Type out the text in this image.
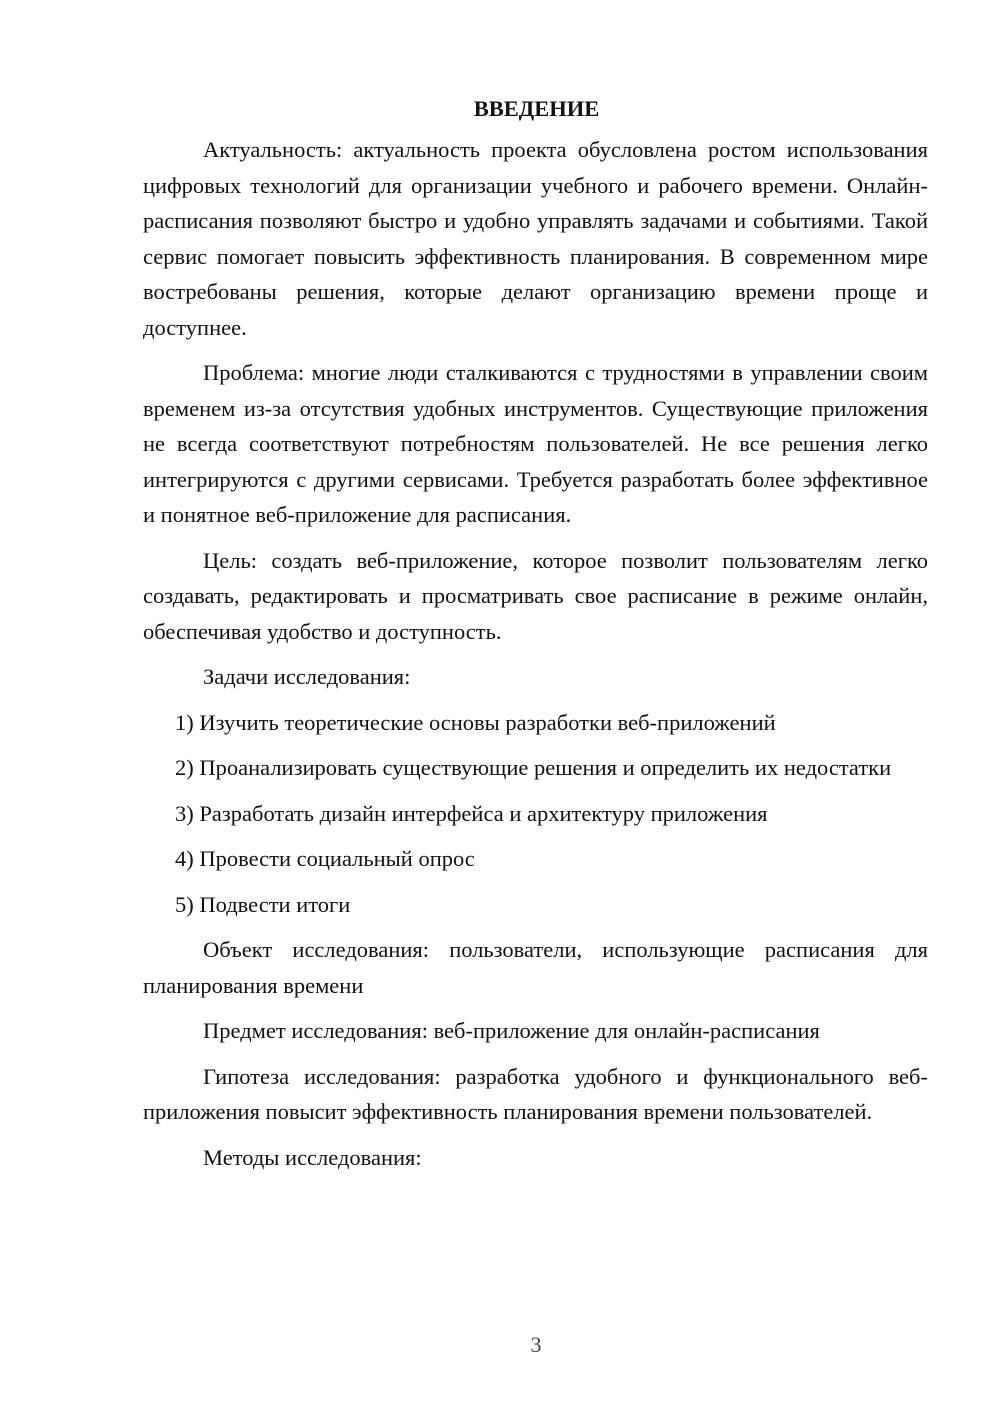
ВВЕДЕНИЕ

Актуальность: актуальность проекта обусловлена ростом использования цифровых технологий для организации учебного и рабочего времени. Онлайн-расписания позволяют быстро и удобно управлять задачами и событиями. Такой сервис помогает повысить эффективность планирования. В современном мире востребованы решения, которые делают организацию времени проще и доступнее.

Проблема: многие люди сталкиваются с трудностями в управлении своим временем из-за отсутствия удобных инструментов. Существующие приложения не всегда соответствуют потребностям пользователей. Не все решения легко интегрируются с другими сервисами. Требуется разработать более эффективное и понятное веб-приложение для расписания.

Цель: создать веб-приложение, которое позволит пользователям легко создавать, редактировать и просматривать свое расписание в режиме онлайн, обеспечивая удобство и доступность.

Задачи исследования:

1) Изучить теоретические основы разработки веб-приложений

2) Проанализировать существующие решения и определить их недостатки

3) Разработать дизайн интерфейса и архитектуру приложения

4) Провести социальный опрос

5) Подвести итоги

Объект исследования: пользователи, использующие расписания для планирования времени

Предмет исследования: веб-приложение для онлайн-расписания

Гипотеза исследования: разработка удобного и функционального веб-приложения повысит эффективность планирования времени пользователей.

Методы исследования:

3
